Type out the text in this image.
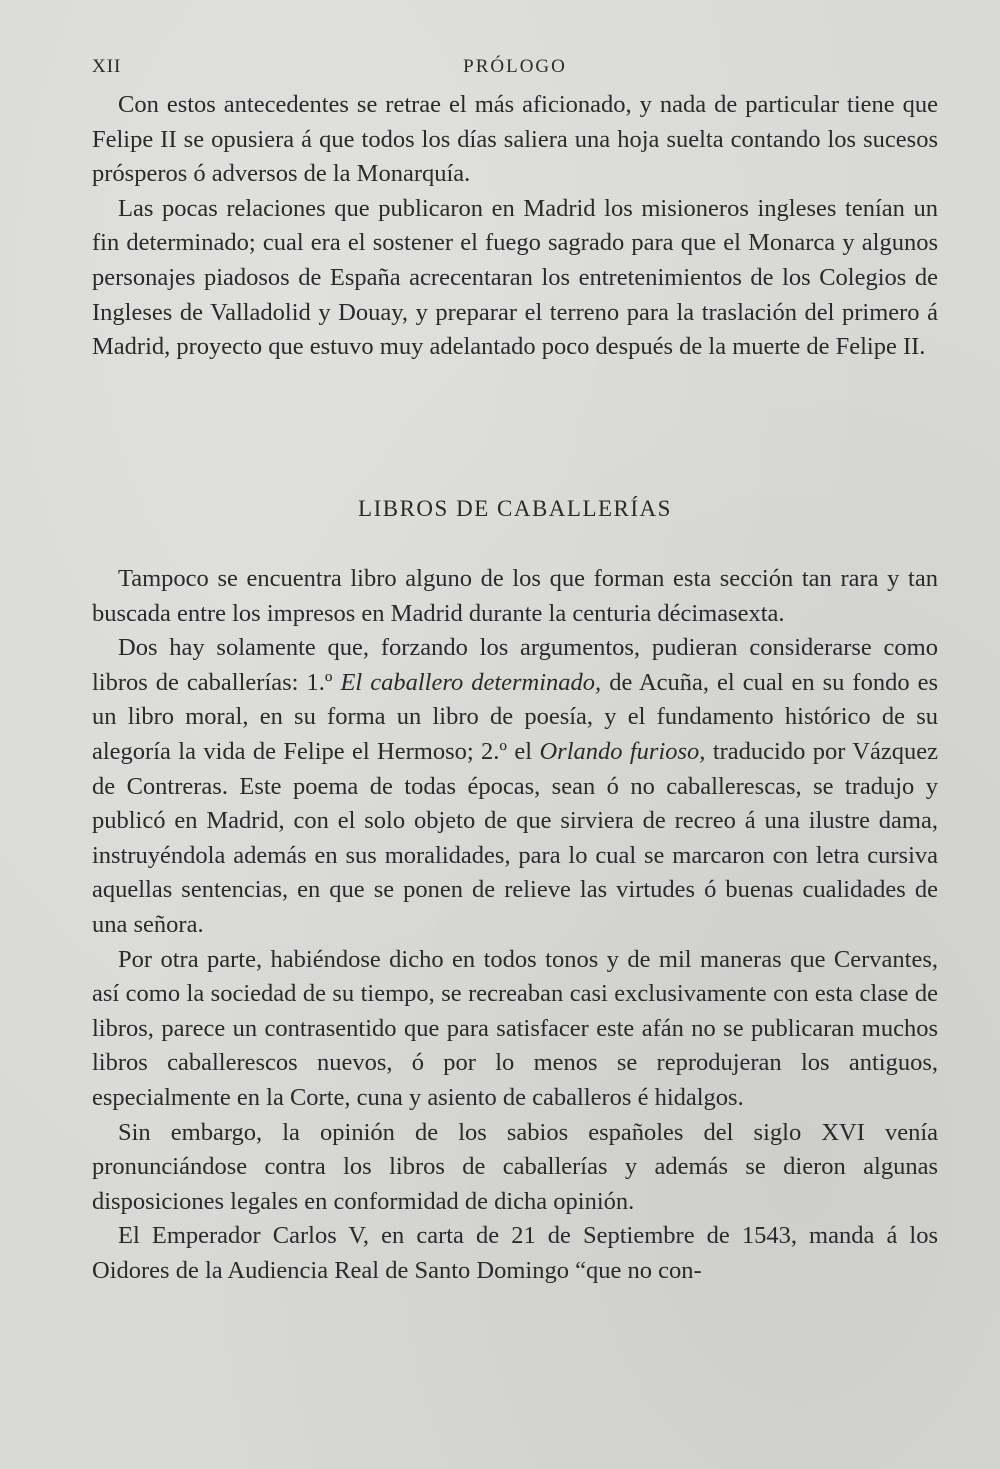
XII	PRÓLOGO

Con estos antecedentes se retrae el más aficionado, y nada de particular tiene que Felipe II se opusiera á que todos los días saliera una hoja suelta contando los sucesos prósperos ó adversos de la Monarquía.

Las pocas relaciones que publicaron en Madrid los misioneros ingleses tenían un fin determinado; cual era el sostener el fuego sagrado para que el Monarca y algunos personajes piadosos de España acrecentaran los entretenimientos de los Colegios de Ingleses de Valladolid y Douay, y preparar el terreno para la traslación del primero á Madrid, proyecto que estuvo muy adelantado poco después de la muerte de Felipe II.

LIBROS DE CABALLERÍAS

Tampoco se encuentra libro alguno de los que forman esta sección tan rara y tan buscada entre los impresos en Madrid durante la centuria décimasexta.

Dos hay solamente que, forzando los argumentos, pudieran considerarse como libros de caballerías: 1.º El caballero determinado, de Acuña, el cual en su fondo es un libro moral, en su forma un libro de poesía, y el fundamento histórico de su alegoría la vida de Felipe el Hermoso; 2.º el Orlando furioso, traducido por Vázquez de Contreras. Este poema de todas épocas, sean ó no caballerescas, se tradujo y publicó en Madrid, con el solo objeto de que sirviera de recreo á una ilustre dama, instruyéndola además en sus moralidades, para lo cual se marcaron con letra cursiva aquellas sentencias, en que se ponen de relieve las virtudes ó buenas cualidades de una señora.

Por otra parte, habiéndose dicho en todos tonos y de mil maneras que Cervantes, así como la sociedad de su tiempo, se recreaban casi exclusivamente con esta clase de libros, parece un contrasentido que para satisfacer este afán no se publicaran muchos libros caballerescos nuevos, ó por lo menos se reprodujeran los antiguos, especialmente en la Corte, cuna y asiento de caballeros é hidalgos.

Sin embargo, la opinión de los sabios españoles del siglo XVI venía pronunciándose contra los libros de caballerías y además se dieron algunas disposiciones legales en conformidad de dicha opinión.

El Emperador Carlos V, en carta de 21 de Septiembre de 1543, manda á los Oidores de la Audiencia Real de Santo Domingo “que no con-
